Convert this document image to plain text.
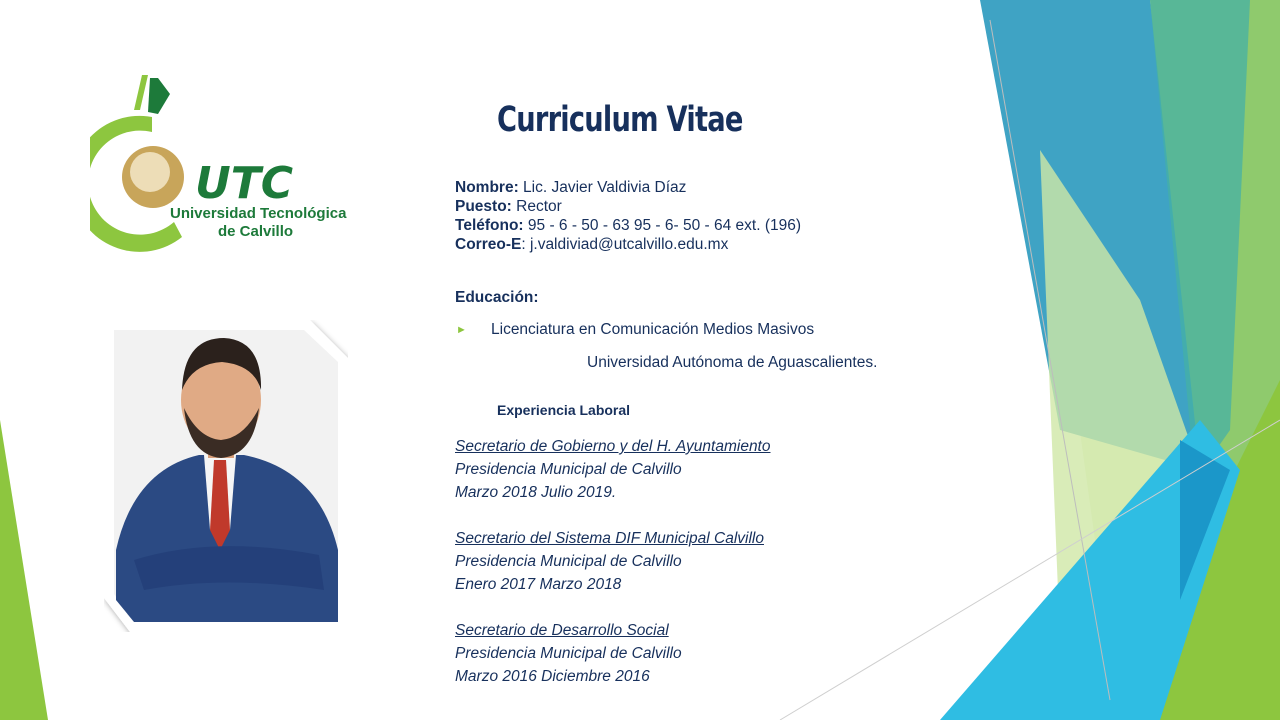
UTC
Universidad Tecnológica
de Calvillo
Curriculum Vitae
Nombre: Lic. Javier Valdivia Díaz
Puesto: Rector
Teléfono: 95 - 6 - 50 - 63 95 - 6- 50 - 64 ext. (196)
Correo-E: j.valdiviad@utcalvillo.edu.mx
Educación:
► Licenciatura en Comunicación Medios Masivos
Universidad Autónoma de Aguascalientes.
Experiencia Laboral
Secretario de Gobierno y del H. Ayuntamiento
Presidencia Municipal de Calvillo
Marzo 2018 Julio 2019.
Secretario del Sistema DIF Municipal Calvillo
Presidencia Municipal de Calvillo
Enero 2017 Marzo 2018
Secretario de Desarrollo Social
Presidencia Municipal de Calvillo
Marzo 2016 Diciembre 2016
